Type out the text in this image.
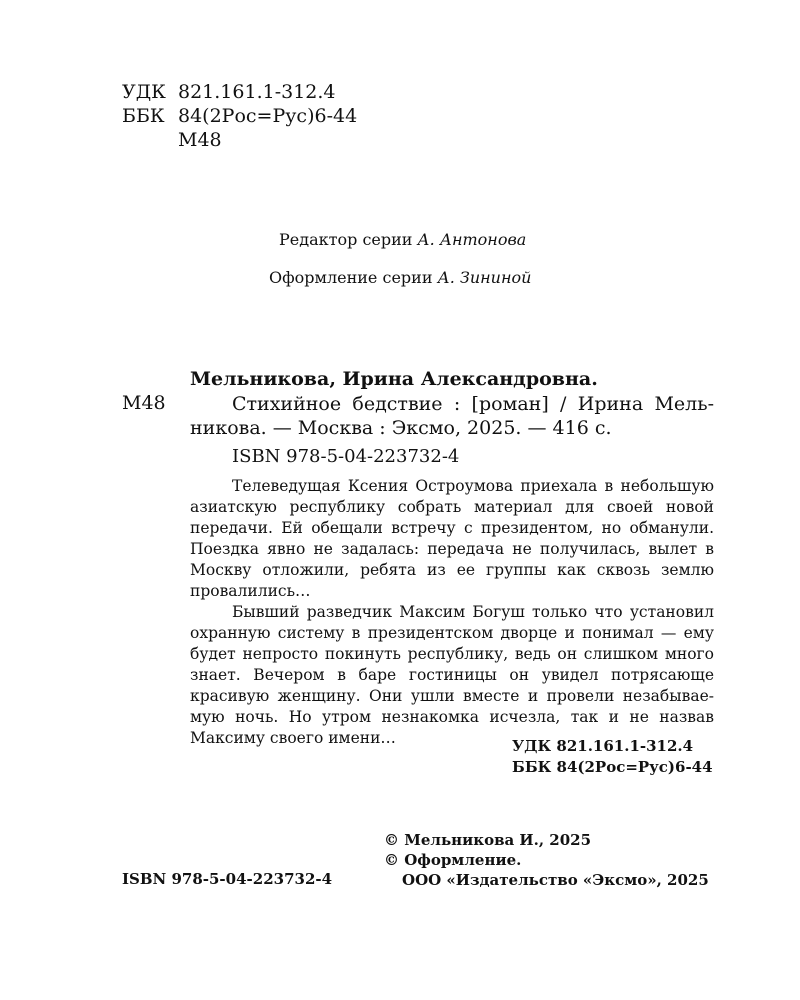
УДК 821.161.1-312.4
ББК 84(2Рос=Рус)6-44
М48
Редактор серии А. Антонова
Оформление серии А. Зининой
Мельникова, Ирина Александровна.
М48	Стихийное бедствие : [роман] / Ирина Мельникова. — Москва : Эксмо, 2025. — 416 с.
ISBN 978-5-04-223732-4

Телеведущая Ксения Остроумова приехала в небольшую азиатскую республику собрать материал для своей новой передачи. Ей обещали встречу с президентом, но обманули. Поездка явно не задалась: передача не получилась, вылет в Москву отложили, ребята из ее группы как сквозь землю провалились…

Бывший разведчик Максим Богуш только что установил охранную систему в президентском дворце и понимал — ему будет непросто покинуть республику, ведь он слишком много знает. Вечером в баре гостиницы он увидел потрясающе красивую женщину. Они ушли вместе и провели незабываемую ночь. Но утром незнакомка исчезла, так и не назвав Максиму своего имени…	УДК 821.161.1-312.4
ББК 84(2Рос=Рус)6-44
© Мельникова И., 2025
© Оформление.
ООО «Издательство «Эксмо», 2025
ISBN 978-5-04-223732-4
